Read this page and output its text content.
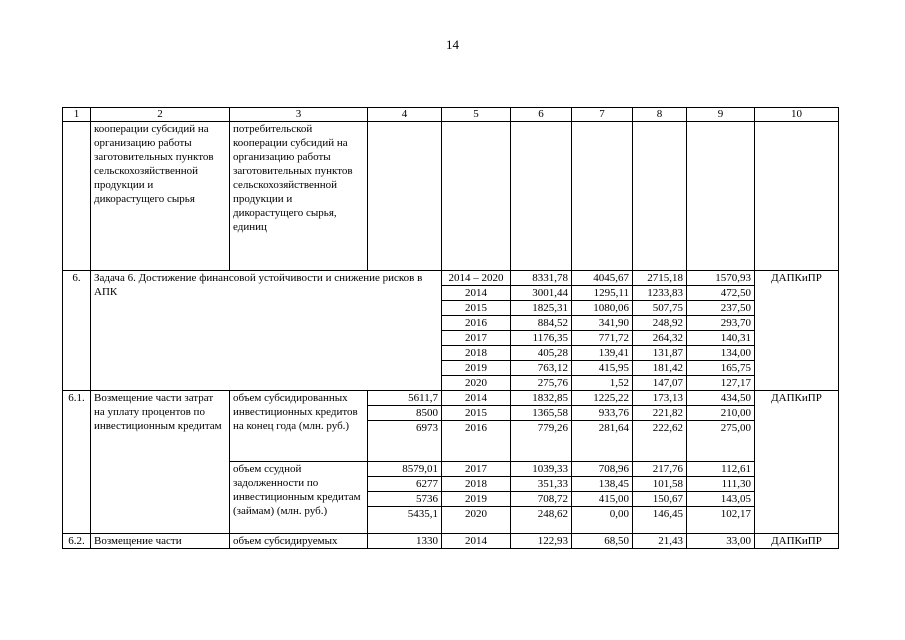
14
1	2	3	4	5	6	7	8	9	10
	кооперации субсидий на организацию работы заготовительных пунктов сельскохозяйственной продукции и дикорастущего сырья	потребительской кооперации субсидий на организацию работы заготовительных пунктов сельскохозяйственной продукции и дикорастущего сырья, единиц							
6.	Задача 6. Достижение финансовой устойчивости и снижение рисков в АПК			2014 – 2020	8331,78	4045,67	2715,18	1570,93	ДАПКиПР
				2014	3001,44	1295,11	1233,83	472,50	
				2015	1825,31	1080,06	507,75	237,50	
				2016	884,52	341,90	248,92	293,70	
				2017	1176,35	771,72	264,32	140,31	
				2018	405,28	139,41	131,87	134,00	
				2019	763,12	415,95	181,42	165,75	
				2020	275,76	1,52	147,07	127,17	
6.1.	Возмещение части затрат на уплату процентов по инвестиционным кредитам	объем субсидированных инвестиционных кредитов на конец года (млн. руб.)	5611,7	2014	1832,85	1225,22	173,13	434,50	ДАПКиПР
			8500	2015	1365,58	933,76	221,82	210,00	
			6973	2016	779,26	281,64	222,62	275,00	
		объем ссудной задолженности по инвестиционным кредитам (займам) (млн. руб.)	8579,01	2017	1039,33	708,96	217,76	112,61	
			6277	2018	351,33	138,45	101,58	111,30	
			5736	2019	708,72	415,00	150,67	143,05	
			5435,1	2020	248,62	0,00	146,45	102,17	
6.2.	Возмещение части	объем субсидируемых	1330	2014	122,93	68,50	21,43	33,00	ДАПКиПР
